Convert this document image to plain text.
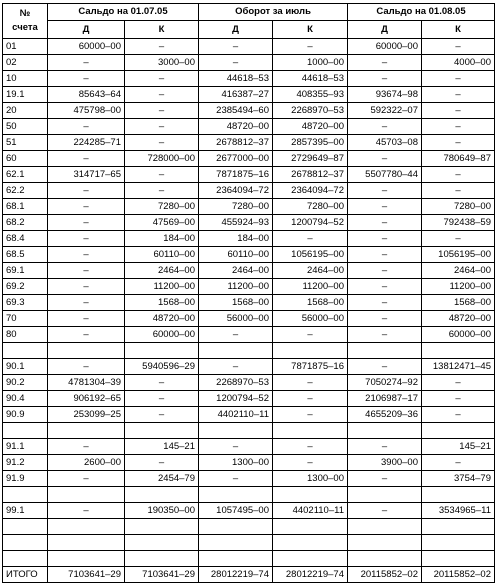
№
счета	Сальдо на 01.07.05		Оборот за июль		Сальдо на 01.08.05	
	Д	К	Д	К	Д	К
01	60000–00	–	–	–	60000–00	–
02	–	3000–00	–	1000–00	–	4000–00
10	–	–	44618–53	44618–53	–	–
19.1	85643–64	–	416387–27	408355–93	93674–98	–
20	475798–00	–	2385494–60	2268970–53	592322–07	–
50	–	–	48720–00	48720–00	–	–
51	224285–71	–	2678812–37	2857395–00	45703–08	–
60	–	728000–00	2677000–00	2729649–87	–	780649–87
62.1	314717–65	–	7871875–16	2678812–37	5507780–44	–
62.2	–	–	2364094–72	2364094–72	–	–
68.1	–	7280–00	7280–00	7280–00	–	7280–00
68.2	–	47569–00	455924–93	1200794–52	–	792438–59
68.4	–	184–00	184–00	–	–	–
68.5	–	60110–00	60110–00	1056195–00	–	1056195–00
69.1	–	2464–00	2464–00	2464–00	–	2464–00
69.2	–	11200–00	11200–00	11200–00	–	11200–00
69.3	–	1568–00	1568–00	1568–00	–	1568–00
70	–	48720–00	56000–00	56000–00	–	48720–00
80	–	60000–00	–	–	–	60000–00

90.1	–	5940596–29	–	7871875–16	–	13812471–45
90.2	4781304–39	–	2268970–53	–	7050274–92	–
90.4	906192–65	–	1200794–52	–	2106987–17	–
90.9	253099–25	–	4402110–11	–	4655209–36	–

91.1	–	145–21	–	–	–	145–21
91.2	2600–00	–	1300–00	–	3900–00	–
91.9	–	2454–79	–	1300–00	–	3754–79

99.1	–	190350–00	1057495–00	4402110–11	–	3534965–11

ИТОГО	7103641–29	7103641–29	28012219–74	28012219–74	20115852–02	20115852–02
